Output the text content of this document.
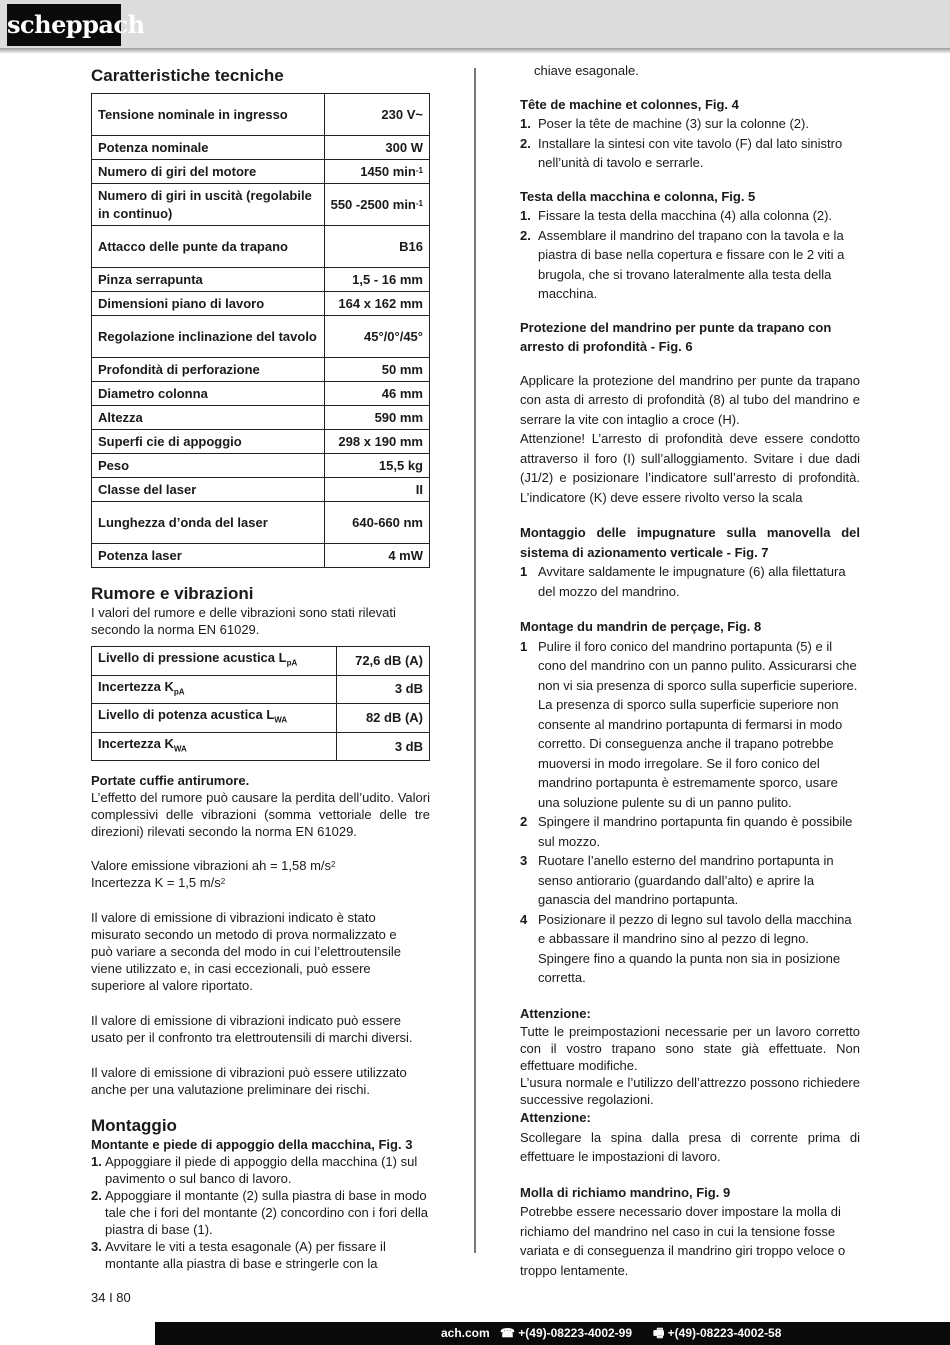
scheppach
Caratteristiche tecniche
Tensione nominale in ingresso	230 V~
Potenza nominale	300 W
Numero di giri del motore	1450 $\min^{-1}$
Numero di giri in uscità (regolabile in continuo)	550 -2500 $\min^{-1}$
Attacco delle punte da trapano	B16
Pinza serrapunta	1,5 - 16 mm
Dimensioni piano di lavoro	164 x 162 mm
Regolazione inclinazione del tavolo	45°/0°/45°
Profondità di perforazione	50 mm
Diametro colonna	46 mm
Altezza	590 mm
Superfi cie di appoggio	298 x 190 mm
Peso	15,5 kg
Classe del laser	II
Lunghezza d’onda del laser	640-660 nm
Potenza laser	4 mW
Rumore e vibrazioni

I valori del rumore e delle vibrazioni sono stati rilevati secondo la norma EN 61029.

Livello di pressione acustica $L_{pA}$	72,6 dB (A)
Incertezza $K_{pA}$	3 dB
Livello di potenza acustica $L_{WA}$	82 dB (A)
Incertezza $K_{WA}$	3 dB

Portate cuffie antirumore.

L’effetto del rumore può causare la perdita dell’udito. Valori complessivi delle vibrazioni (somma vettoriale delle tre direzioni) rilevati secondo la norma EN 61029.

Valore emissione vibrazioni ah = 1,58 $m/s^2$

Incertezza K = 1,5 $m/s^2$

Il valore di emissione di vibrazioni indicato è stato misurato secondo un metodo di prova normalizzato e può variare a seconda del modo in cui l’elettroutensile viene utilizzato e, in casi eccezionali, può essere superiore al valore riportato.

Il valore di emissione di vibrazioni indicato può essere usato per il confronto tra elettroutensili di marchi diversi.

Il valore di emissione di vibrazioni può essere utilizzato anche per una valutazione preliminare dei rischi.

Montaggio

Montante e piede di appoggio della macchina, Fig. 3

1. Appoggiare il piede di appoggio della macchina (1) sul pavimento o sul banco di lavoro.
2. Appoggiare il montante (2) sulla piastra di base in modo tale che i fori del montante (2) concordino con i fori della piastra di base (1).
3. Avvitare le viti a testa esagonale (A) per fissare il montante alla piastra di base e stringerle con la

chiave esagonale.

Tête de machine et colonnes, Fig. 4

1. Poser la tête de machine (3) sur la colonne (2).
2. Installare la sintesi con vite tavolo (F) dal lato sinistro nell’unità di tavolo e serrarle.

Testa della macchina e colonna, Fig. 5

1. Fissare la testa della macchina (4) alla colonna (2).
2. Assemblare il mandrino del trapano con la tavola e la piastra di base nella copertura e fissare con le 2 viti a brugola, che si trovano lateralmente alla testa della macchina.

Protezione del mandrino per punte da trapano con arresto di profondità - Fig. 6

Applicare la protezione del mandrino per punte da trapano con asta di arresto di profondità (8) al tubo del mandrino e serrare la vite con intaglio a croce (H).

Attenzione! L’arresto di profondità deve essere condotto attraverso il foro (I) sull’alloggiamento. Svitare i due dadi (J1/2) e posizionare l’indicatore sull’arresto di profondità. L’indicatore (K) deve essere rivolto verso la scala

Montaggio delle impugnature sulla manovella del sistema di azionamento verticale - Fig. 7

1 Avvitare saldamente le impugnature (6) alla filettatura del mozzo del mandrino.

Montage du mandrin de perçage, Fig. 8

1 Pulire il foro conico del mandrino portapunta (5) e il cono del mandrino con un panno pulito. Assicurarsi che non vi sia presenza di sporco sulla superficie superiore. La presenza di sporco sulla superficie superiore non consente al mandrino portapunta di fermarsi in modo corretto. Di conseguenza anche il trapano potrebbe muoversi in modo irregolare. Se il foro conico del mandrino portapunta è estremamente sporco, usare una soluzione pulente su di un panno pulito.
2 Spingere il mandrino portapunta fin quando è possibile sul mozzo.
3 Ruotare l’anello esterno del mandrino portapunta in senso antiorario (guardando dall’alto) e aprire la ganascia del mandrino portapunta.
4 Posizionare il pezzo di legno sul tavolo della macchina e abbassare il mandrino sino al pezzo di legno. Spingere fino a quando la punta non sia in posizione corretta.

Attenzione:

Tutte le preimpostazioni necessarie per un lavoro corretto con il vostro trapano sono state già effettuate. Non effettuare modifiche.

L’usura normale e l’utilizzo dell’attrezzo possono richiedere successive regolazioni.

Attenzione:

Scollegare la spina dalla presa di corrente prima di effettuare le impostazioni di lavoro.

Molla di richiamo mandrino, Fig. 9

Potrebbe essere necessario dover impostare la molla di richiamo del mandrino nel caso in cui la tensione fosse variata e di conseguenza il mandrino giri troppo veloce o troppo lentamente.

34 I 80
ach.com ☎ +(49)-08223-4002-99 🖷 +(49)-08223-4002-58
